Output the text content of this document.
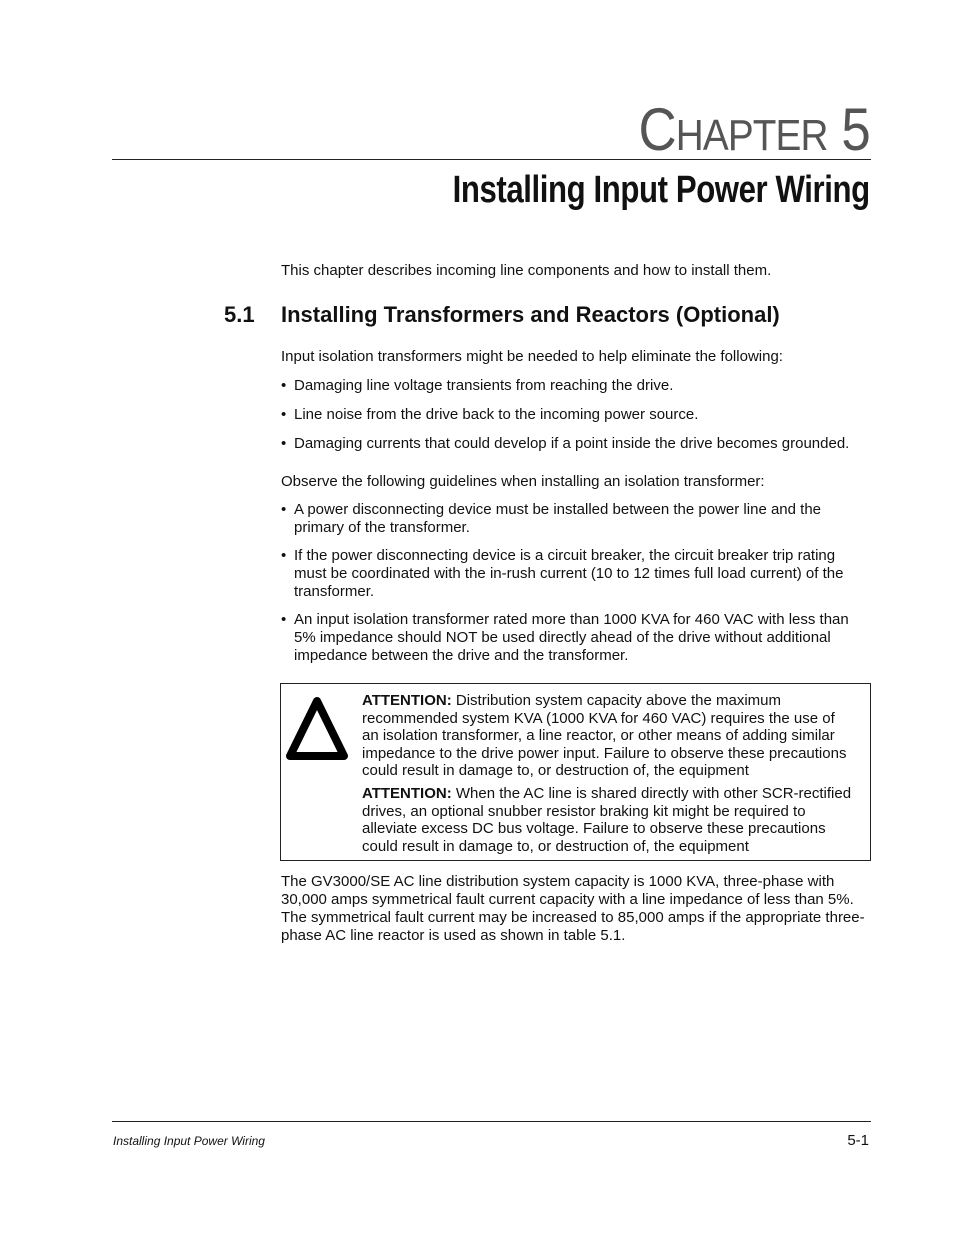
CHAPTER 5
Installing Input Power Wiring

This chapter describes incoming line components and how to install them.

5.1 Installing Transformers and Reactors (Optional)

Input isolation transformers might be needed to help eliminate the following:

• Damaging line voltage transients from reaching the drive.
• Line noise from the drive back to the incoming power source.
• Damaging currents that could develop if a point inside the drive becomes grounded.

Observe the following guidelines when installing an isolation transformer:

• A power disconnecting device must be installed between the power line and the primary of the transformer.
• If the power disconnecting device is a circuit breaker, the circuit breaker trip rating must be coordinated with the in-rush current (10 to 12 times full load current) of the transformer.
• An input isolation transformer rated more than 1000 KVA for 460 VAC with less than 5% impedance should NOT be used directly ahead of the drive without additional impedance between the drive and the transformer.

ATTENTION: Distribution system capacity above the maximum recommended system KVA (1000 KVA for 460 VAC) requires the use of an isolation transformer, a line reactor, or other means of adding similar impedance to the drive power input. Failure to observe these precautions could result in damage to, or destruction of, the equipment

ATTENTION: When the AC line is shared directly with other SCR-rectified drives, an optional snubber resistor braking kit might be required to alleviate excess DC bus voltage. Failure to observe these precautions could result in damage to, or destruction of, the equipment

The GV3000/SE AC line distribution system capacity is 1000 KVA, three-phase with 30,000 amps symmetrical fault current capacity with a line impedance of less than 5%. The symmetrical fault current may be increased to 85,000 amps if the appropriate three-phase AC line reactor is used as shown in table 5.1.

Installing Input Power Wiring	5-1
